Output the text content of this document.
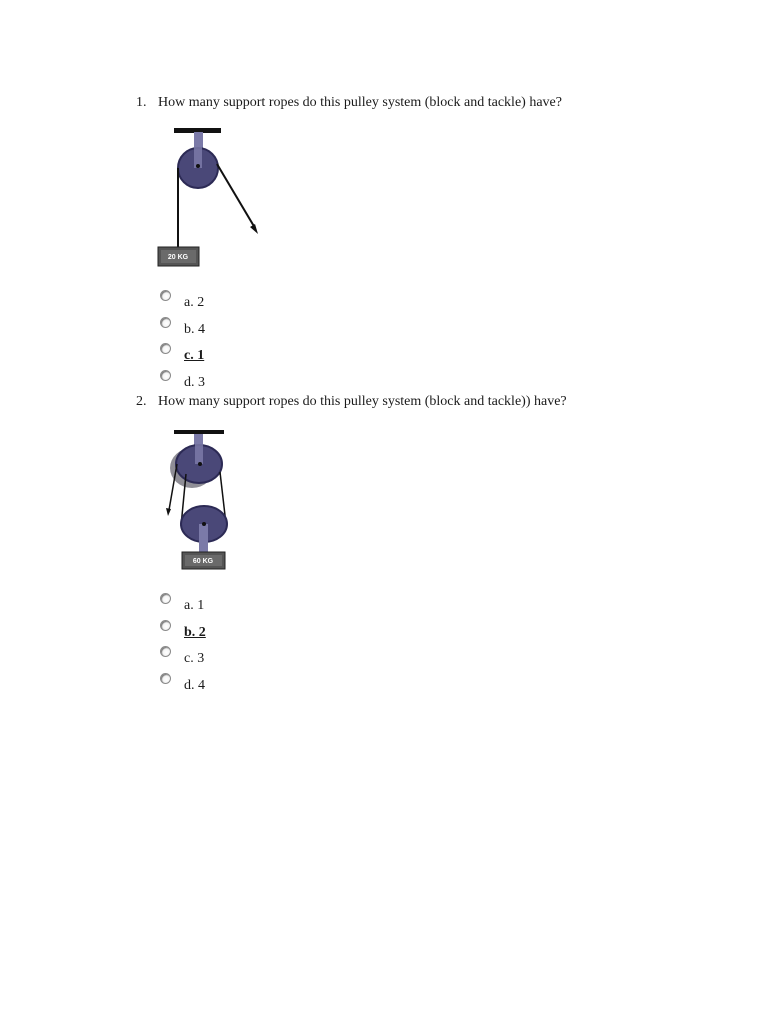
1. How many support ropes do this pulley system (block and tackle) have?
20 KG
a. 2
b. 4
c. 1
d. 3
2. How many support ropes do this pulley system (block and tackle)) have?
60 KG
a. 1
b. 2
c. 3
d. 4
